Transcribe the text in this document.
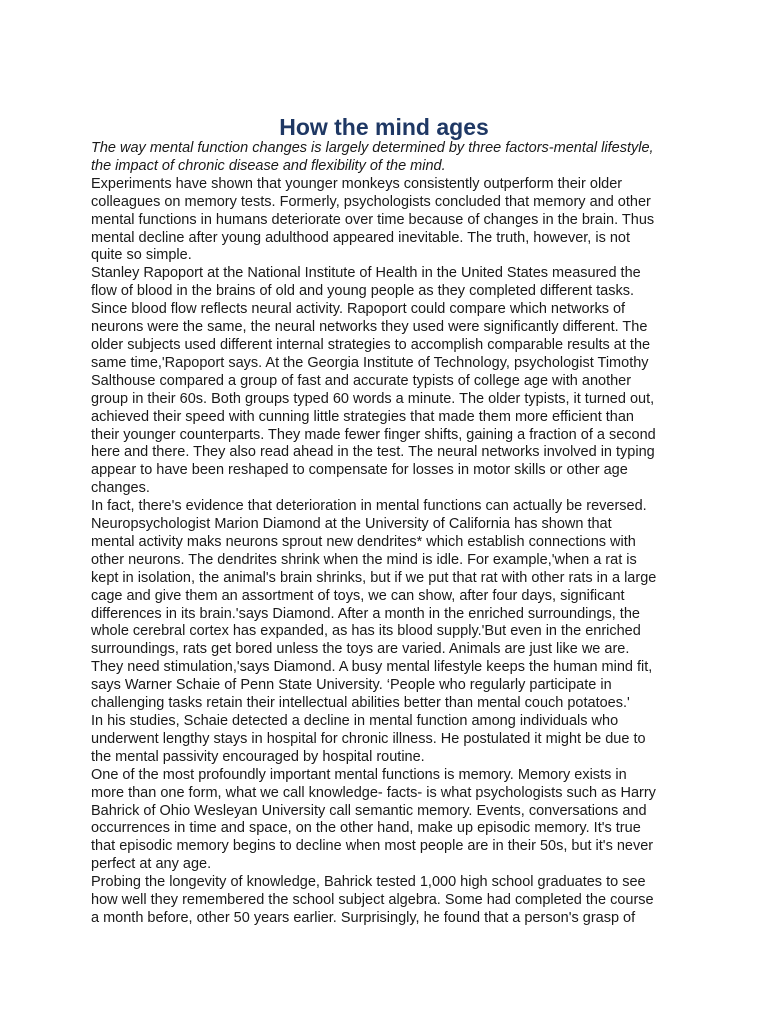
How the mind ages
The way mental function changes is largely determined by three factors-mental lifestyle,
the impact of chronic disease and flexibility of the mind.
Experiments have shown that younger monkeys consistently outperform their older
colleagues on memory tests. Formerly, psychologists concluded that memory and other
mental functions in humans deteriorate over time because of changes in the brain. Thus
mental decline after young adulthood appeared inevitable. The truth, however, is not
quite so simple.
Stanley Rapoport at the National Institute of Health in the United States measured the
flow of blood in the brains of old and young people as they completed different tasks.
Since blood flow reflects neural activity. Rapoport could compare which networks of
neurons were the same, the neural networks they used were significantly different. The
older subjects used different internal strategies to accomplish comparable results at the
same time,'Rapoport says. At the Georgia Institute of Technology, psychologist Timothy
Salthouse compared a group of fast and accurate typists of college age with another
group in their 60s. Both groups typed 60 words a minute. The older typists, it turned out,
achieved their speed with cunning little strategies that made them more efficient than
their younger counterparts. They made fewer finger shifts, gaining a fraction of a second
here and there. They also read ahead in the test. The neural networks involved in typing
appear to have been reshaped to compensate for losses in motor skills or other age
changes.
In fact, there's evidence that deterioration in mental functions can actually be reversed.
Neuropsychologist Marion Diamond at the University of California has shown that
mental activity maks neurons sprout new dendrites* which establish connections with
other neurons. The dendrites shrink when the mind is idle. For example,'when a rat is
kept in isolation, the animal's brain shrinks, but if we put that rat with other rats in a large
cage and give them an assortment of toys, we can show, after four days, significant
differences in its brain.'says Diamond. After a month in the enriched surroundings, the
whole cerebral cortex has expanded, as has its blood supply.'But even in the enriched
surroundings, rats get bored unless the toys are varied. Animals are just like we are.
They need stimulation,'says Diamond. A busy mental lifestyle keeps the human mind fit,
says Warner Schaie of Penn State University. ‘People who regularly participate in
challenging tasks retain their intellectual abilities better than mental couch potatoes.'
In his studies, Schaie detected a decline in mental function among individuals who
underwent lengthy stays in hospital for chronic illness. He postulated it might be due to
the mental passivity encouraged by hospital routine.
One of the most profoundly important mental functions is memory. Memory exists in
more than one form, what we call knowledge- facts- is what psychologists such as Harry
Bahrick of Ohio Wesleyan University call semantic memory. Events, conversations and
occurrences in time and space, on the other hand, make up episodic memory. It's true
that episodic memory begins to decline when most people are in their 50s, but it's never
perfect at any age.
Probing the longevity of knowledge, Bahrick tested 1,000 high school graduates to see
how well they remembered the school subject algebra. Some had completed the course
a month before, other 50 years earlier. Surprisingly, he found that a person's grasp of
